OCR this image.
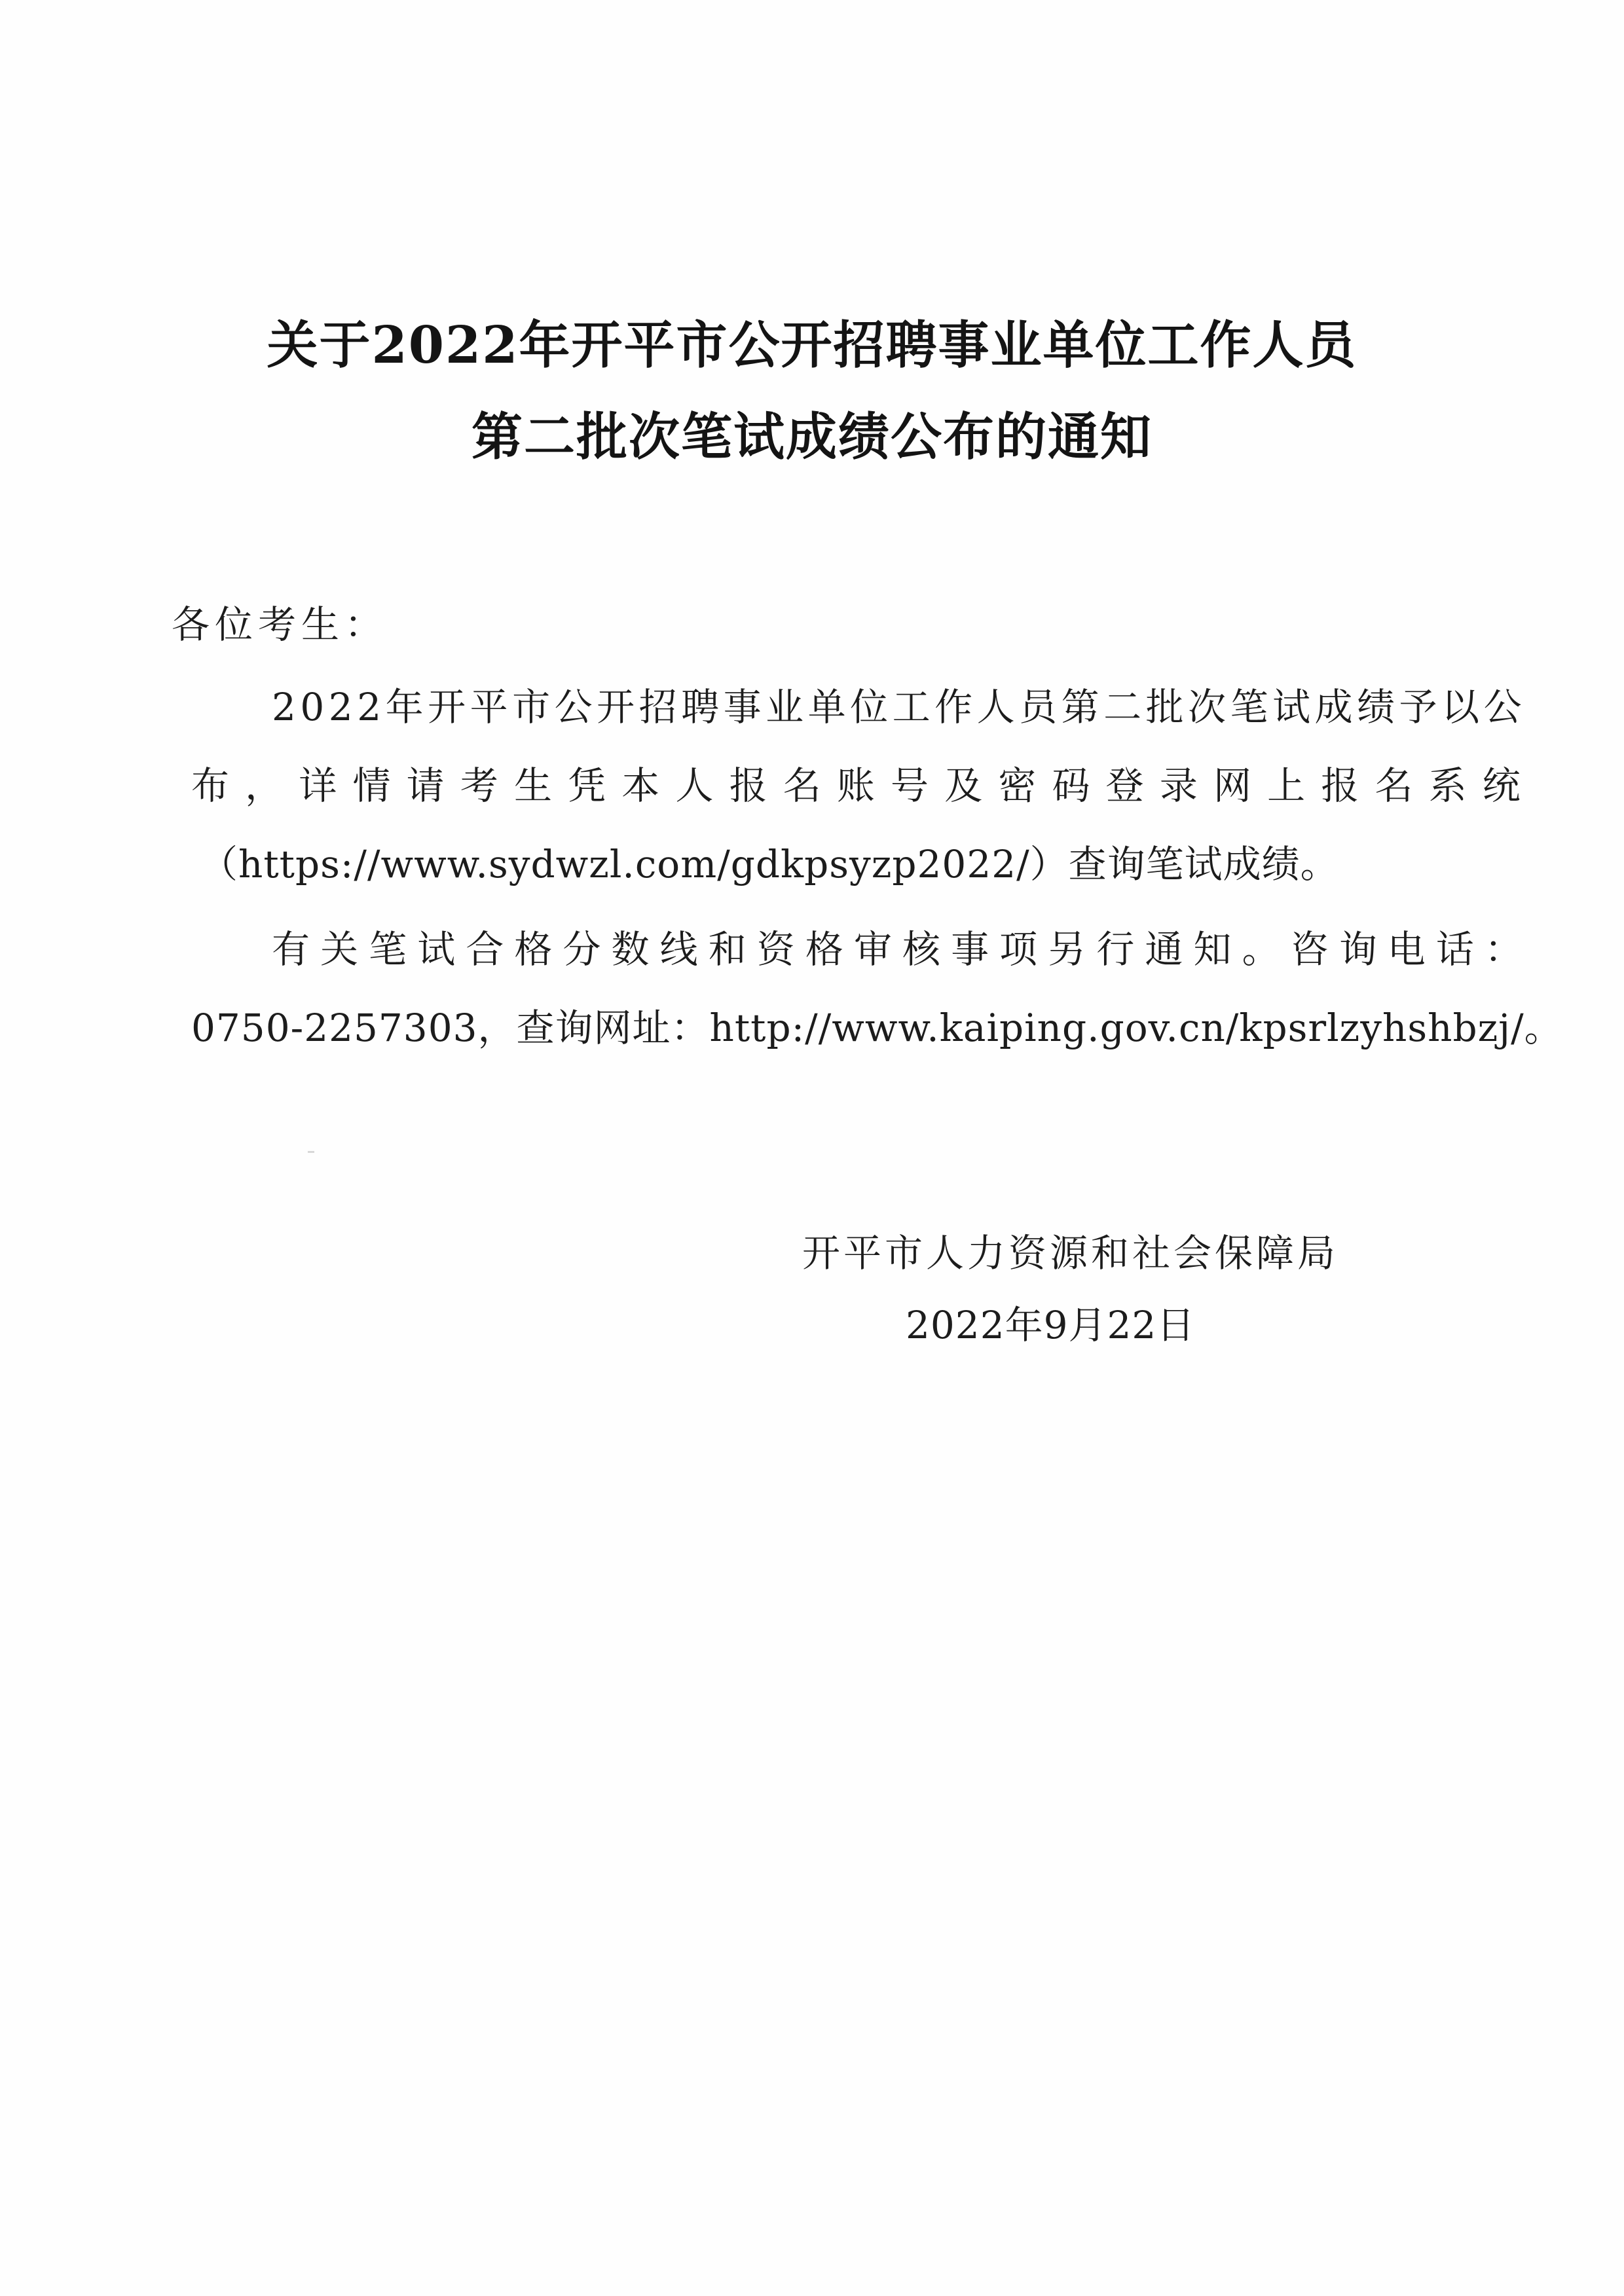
关于2022年开平市公开招聘事业单位工作人员
第二批次笔试成绩公布的通知

各位考生：

2022年开平市公开招聘事业单位工作人员第二批次笔试成绩予以公

布 ， 详 情 请 考 生 凭 本 人 报 名 账 号 及 密 码 登 录 网 上 报 名 系 统

（https://www.sydwzl.com/gdkpsyzp2022/）查询笔试成绩。

有 关 笔 试 合 格 分 数 线 和 资 格 审 核 事 项 另 行 通 知 。 咨 询 电 话 ：

0750-2257303，查询网址：http://www.kaiping.gov.cn/kpsrlzyhshbzj/。

开平市人力资源和社会保障局

2022年9月22日
